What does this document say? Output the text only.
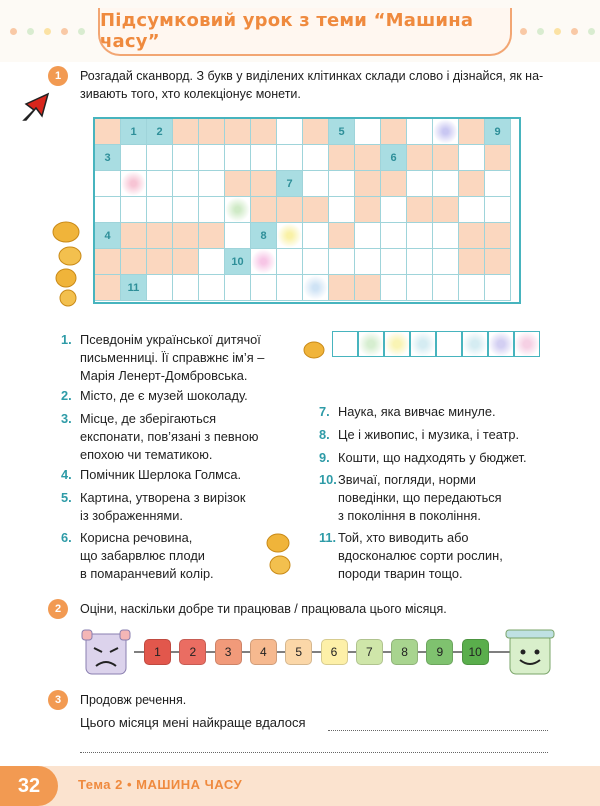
Підсумковий урок з теми “Машина часу”
1	Розгадай сканворд. З букв у виділених клітинках склади слово і дізнайся, як на-
зивають того, хто колекціонує монети.
1	2	5	9
3	6
7
4	8
10
11
1. Псевдонім української дитячої
письменниці. Її справжнє ім’я –
Марія Ленерт-Домбровська.
2. Місто, де є музей шоколаду.
3. Місце, де зберігаються
експонати, пов’язані з певною
епохою чи тематикою.
4. Помічник Шерлока Голмса.
5. Картина, утворена з вирізок
із зображеннями.
6. Корисна речовина,
що забарвлює плоди
в помаранчевий колір.
7. Наука, яка вивчає минуле.
8. Це і живопис, і музика, і театр.
9. Кошти, що надходять у бюджет.
10. Звичаї, погляди, норми
поведінки, що передаються
з покоління в покоління.
11. Той, хто виводить або
вдосконалює сорти рослин,
породи тварин тощо.
2	Оціни, наскільки добре ти працював / працювала цього місяця.
1	2	3	4	5	6	7	8	9	10
3	Продовж речення.
Цього місяця мені найкраще вдалося
32	Тема 2 • МАШИНА ЧАСУ
